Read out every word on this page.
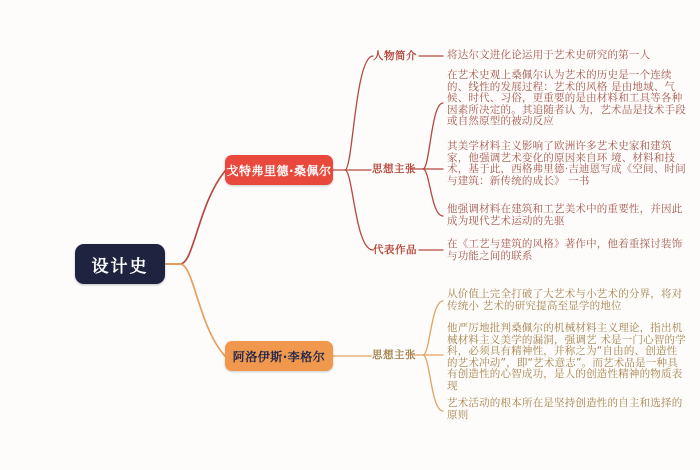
设计史
戈特弗里德·桑佩尔
阿洛伊斯·李格尔
人物简介
思想主张
代表作品
思想主张
将达尔文进化论运用于艺术史研究的第一人
在艺术史观上桑佩尔认为艺术的历史是一个连续的、线性的发展过程：艺术的风格 是由地域、气候、时代、习俗，更重要的是由材料和工具等各种因素所决定的。其追随者认 为，艺术品是技术手段或自然原型的被动反应
其美学材料主义影响了欧洲许多艺术史家和建筑家，他强调艺术变化的原因来自环 境、材料和技术，基于此，西格弗里德·吉迪恩写成《空间、时间与建筑：新传统的成长》 一书
他强调材料在建筑和工艺美术中的重要性，并因此成为现代艺术运动的先驱
在《工艺与建筑的风格》著作中，他着重探讨装饰与功能之间的联系
从价值上完全打破了大艺术与小艺术的分界，将对传统小 艺术的研究提高至显学的地位
他严厉地批判桑佩尔的机械材料主义理论，指出机械材料主义美学的漏洞，强调艺 术是一门心智的学科，必须具有精神性，并称之为“自由的、创造性的艺术冲动”，即“艺术意志”。而艺术品是一种具有创造性的心智成功，是人的创造性精神的物质表现
艺术活动的根本所在是坚持创造性的自主和选择的原则
